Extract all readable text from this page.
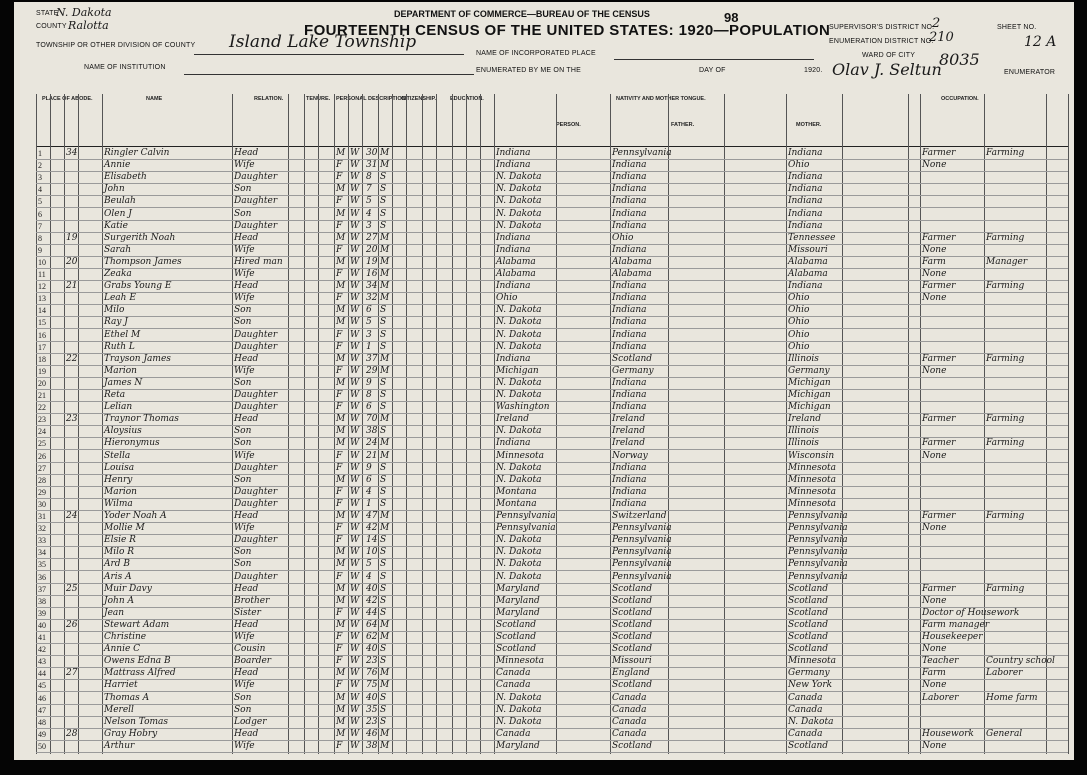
STATE
N. Dakota
COUNTY Ralotta
TOWNSHIP OR OTHER DIVISION OF COUNTY Island Lake Township
NAME OF INSTITUTION
DEPARTMENT OF COMMERCE—BUREAU OF THE CENSUS
FOURTEENTH CENSUS OF THE UNITED STATES: 1920—POPULATION
NAME OF INCORPORATED PLACE
ENUMERATED BY ME ON THE	DAY OF	1920. Olav J. Seltun	ENUMERATOR
98
SUPERVISOR'S DISTRICT NO.
2
ENUMERATION DISTRICT NO.
210
SHEET NO.
12 A
WARD OF CITY 8035
PLACE OF ABODE.	NAME	RELATION.	TENURE. PERSONAL DESCRIPTION.
CITIZENSHIP.	EDUCATION.	NATIVITY AND MOTHER TONGUE.
PERSON.	FATHER.	MOTHER.
OCCUPATION.
1	34	Ringler Calvin	Head	M W 30 M	Indiana	Pennsylvania	Indiana	Farmer	Farming
2	Annie	Wife	F W 31 M	Indiana	Indiana	Ohio	None
3	Elisabeth	Daughter	F W 8 S	N. Dakota	Indiana	Indiana
4	John	Son	M W 7 S	N. Dakota	Indiana	Indiana
5	Beulah	Daughter	F W 5 S	N. Dakota	Indiana	Indiana
6	Olen J	Son	M W 4 S	N. Dakota	Indiana	Indiana
7	Katie	Daughter	F W 3 S	N. Dakota	Indiana	Indiana
8	19	Surgerith Noah	Head	M W 27 M	Indiana	Ohio	Tennessee	Farmer	Farming
9	Sarah	Wife	F W 20 M	Indiana	Indiana	Missouri	None
10	20	Thompson James	Hired man	M W 19 M	Alabama	Alabama	Alabama	Farm	Manager
11	Zeaka	Wife	F W 16 M	Alabama	Alabama	Alabama	None
12	21	Grabs Young E	Head	M W 34 M	Indiana	Indiana	Indiana	Farmer	Farming
13	Leah E	Wife	F W 32 M	Ohio	Indiana	Ohio	None
14	Milo	Son	M W 6 S	N. Dakota	Indiana	Ohio
15	Ray J	Son	M W 5 S	N. Dakota	Indiana	Ohio
16	Ethel M	Daughter	F W 3 S	N. Dakota	Indiana	Ohio
17	Ruth L	Daughter	F W 1 S	N. Dakota	Indiana	Ohio
18	22	Trayson James	Head	M W 37 M	Indiana	Scotland	Illinois	Farmer	Farming
19	Marion	Wife	F W 29 M	Michigan	Germany	Germany	None
20	James N	Son	M W 9 S	N. Dakota	Indiana	Michigan
21	Reta	Daughter	F W 8 S	N. Dakota	Indiana	Michigan
22	Lelian	Daughter	F W 6 S	Washington	Indiana	Michigan
23	23	Traynor Thomas	Head	M W 70 M	Ireland	Ireland	Ireland	Farmer	Farming
24	Aloysius	Son	M W 38 S	N. Dakota	Ireland	Illinois
25	Hieronymus	Son	M W 24 M	Indiana	Ireland	Illinois	Farmer	Farming
26	Stella	Wife	F W 21 M	Minnesota	Norway	Wisconsin	None
27	Louisa	Daughter	F W 9 S	N. Dakota	Indiana	Minnesota
28	Henry	Son	M W 6 S	N. Dakota	Indiana	Minnesota
29	Marion	Daughter	F W 4 S	Montana	Indiana	Minnesota
30	Wilma	Daughter	F W 1 S	Montana	Indiana	Minnesota
31	24	Yoder Noah A	Head	M W 47 M	Pennsylvania	Switzerland	Pennsylvania	Farmer	Farming
32	Mollie M	Wife	F W 42 M	Pennsylvania	Pennsylvania	Pennsylvania	None
33	Elsie R	Daughter	F W 14 S	N. Dakota	Pennsylvania	Pennsylvania
34	Milo R	Son	M W 10 S	N. Dakota	Pennsylvania	Pennsylvania
35	Ard B	Son	M W 5 S	N. Dakota	Pennsylvania	Pennsylvania
36	Aris A	Daughter	F W 4 S	N. Dakota	Pennsylvania	Pennsylvania
37	25	Muir Davy	Head	M W 40 S	Maryland	Scotland	Scotland	Farmer	Farming
38	John A	Brother	M W 42 S	Maryland	Scotland	Scotland	None
39	Jean	Sister	F W 44 S	Maryland	Scotland	Scotland	Doctor of Housework
40	26	Stewart Adam	Head	M W 64 M	Scotland	Scotland	Scotland	Farm manager
41	Christine	Wife	F W 62 M	Scotland	Scotland	Scotland	Housekeeper
42	Annie C	Cousin	F W 40 S	Scotland	Scotland	Scotland	None
43	Owens Edna B	Boarder	F W 23 S	Minnesota	Missouri	Minnesota	Teacher	Country school
44	27	Mattrass Alfred	Head	M W 76 M	Canada	England	Germany	Farm	Laborer
45	Harriet	Wife	F W 75 M	Canada	Scotland	New York	None
46	Thomas A	Son	M W 40 S	N. Dakota	Canada	Canada	Laborer	Home farm
47	Merell	Son	M W 35 S	N. Dakota	Canada	Canada
48	Nelson Tomas	Lodger	M W 23 S	N. Dakota	Canada	N. Dakota
49	28	Gray Hobry	Head	M W 46 M	Canada	Canada	Canada	Housework	General
50	Arthur	Wife	F W 38 M	Maryland	Scotland	Scotland	None
